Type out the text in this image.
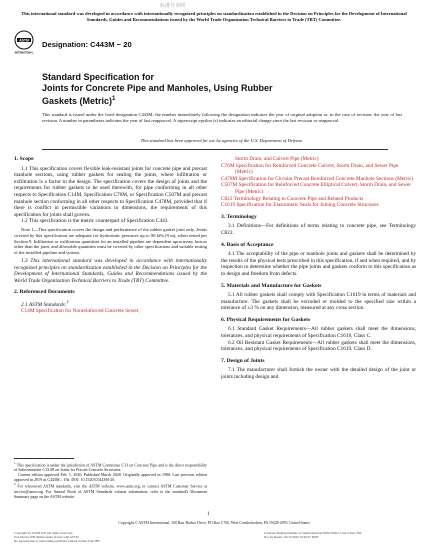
标准分享网
This international standard was developed in accordance with internationally recognized principles on standardization established in the Decision on Principles for the Development of International Standards, Guides and Recommendations issued by the World Trade Organization Technical Barriers to Trade (TBT) Committee.
ASTM
INTERNATIONAL
Designation: C443M − 20
Standard Specification for
Joints for Concrete Pipe and Manholes, Using Rubber
Gaskets (Metric)$^1$
This standard is issued under the fixed designation C443M; the number immediately following the designation indicates the year of original adoption or, in the case of revision, the year of last revision. A number in parentheses indicates the year of last reapproval. A superscript epsilon (ε) indicates an editorial change since the last revision or reapproval.
This standard has been approved for use by agencies of the U.S. Department of Defense.
1. Scope
1.1 This specification covers flexible leak-resistant joints for concrete pipe and precast manhole sections, using rubber gaskets for sealing the joints, where infiltration or exfiltration is a factor in the design. The specification covers the design of joints and the requirements for rubber gaskets to be used therewith, for pipe conforming in all other respects to Specification C14M, Specification C76M, or Specification C507M and precast manhole section conforming in all other respects to Specification C478M, provided that if there is conflict in permissible variations in dimensions, the requirements of this specification for joints shall govern.
1.2 This specification is the metric counterpart of Specification C443.
Note 1—This specification covers the design and performance of the rubber gasket joint only. Joints covered by this specification are adequate for hydrostatic pressures up to 90 kPa (9 m), when tested per Section 9. Infiltration or exfiltration quantities for an installed pipeline are dependent upon many factors other than the joint, and allowable quantities must be covered by other specifications and suitable testing of the installed pipeline and system.
1.3 This international standard was developed in accordance with internationally recognized principles on standardization established in the Decision on Principles for the Development of International Standards, Guides and Recommendations issued by the World Trade Organization Technical Barriers to Trade (TBT) Committee.
2. Referenced Documents
2.1 ASTM Standards:$^2$
C14M Specification for Nonreinforced Concrete Sewer,
$^1$ This specification is under the jurisdiction of ASTM Committee C13 on Concrete Pipe and is the direct responsibility of Subcommittee C13.08 on Joints for Precast Concrete Structures.
Current edition approved Feb. 1, 2020. Published March 2020. Originally approved in 1980. Last previous edition approved in 2019 as C443M – 19a. DOI: 10.1520/C0443M-20.
$^2$ For referenced ASTM standards, visit the ASTM website, www.astm.org, or contact ASTM Customer Service at service@astm.org. For Annual Book of ASTM Standards volume information, refer to the standard's Document Summary page on the ASTM website.
Storm Drain, and Culvert Pipe (Metric)
C76M Specification for Reinforced Concrete Culvert, Storm Drain, and Sewer Pipe (Metric)
C478M Specification for Circular Precast Reinforced Concrete Manhole Sections (Metric)
C507M Specification for Reinforced Concrete Elliptical Culvert, Storm Drain, and Sewer Pipe (Metric)
C822 Terminology Relating to Concrete Pipe and Related Products
C1619 Specification for Elastomeric Seals for Joining Concrete Structures
3. Terminology
3.1 Definitions—For definitions of terms relating to concrete pipe, see Terminology C822.
4. Basis of Acceptance
4.1 The acceptability of the pipe or manhole joints and gaskets shall be determined by the results of the physical tests prescribed in this specification, if and when required, and by inspection to determine whether the pipe joints and gaskets conform to this specification as to design and freedom from defects.
5. Materials and Manufacture for Gaskets
5.1 All rubber gaskets shall comply with Specification C1619 in terms of materials and manufacture. The gaskets shall be extruded or molded to the specified size within a tolerance of ±3 % on any dimension, measured at any cross section.
6. Physical Requirements for Gaskets
6.1 Standard Gasket Requirements—All rubber gaskets shall meet the dimensions, tolerances, and physical requirements of Specification C1619, Class C.
6.2 Oil Resistant Gasket Requirements—All rubber gaskets shall meet the dimensions, tolerances, and physical requirements of Specification C1619, Class D.
7. Design of Joints
7.1 The manufacturer shall furnish the owner with the detailed design of the joint or joints including design and
1
Copyright © ASTM International, 100 Barr Harbor Drive, PO Box C700, West Conshohocken, PA 19428-2959. United States
Copyright by ASTM Int'l (all rights reserved);
Provided by IHS Markit under license with ASTM
No reproduction or networking permitted without license from IHS
Licensee=Beijing Institute of Standardization/5959176001, User=Chen, Hui
Not for Resale, 06/15/2020 19:49:47 MDT
